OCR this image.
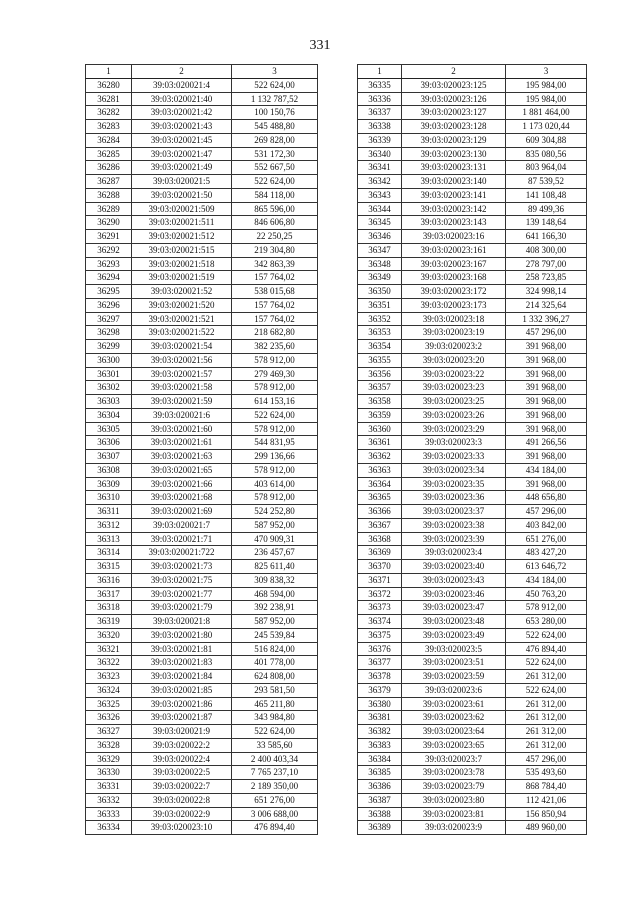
331
1	2	3
36280	39:03:020021:4	522 624,00
36281	39:03:020021:40	1 132 787,52
36282	39:03:020021:42	100 150,76
36283	39:03:020021:43	545 488,80
36284	39:03:020021:45	269 828,00
36285	39:03:020021:47	531 172,30
36286	39:03:020021:49	552 667,50
36287	39:03:020021:5	522 624,00
36288	39:03:020021:50	584 118,00
36289	39:03:020021:509	865 596,00
36290	39:03:020021:511	846 606,80
36291	39:03:020021:512	22 250,25
36292	39:03:020021:515	219 304,80
36293	39:03:020021:518	342 863,39
36294	39:03:020021:519	157 764,02
36295	39:03:020021:52	538 015,68
36296	39:03:020021:520	157 764,02
36297	39:03:020021:521	157 764,02
36298	39:03:020021:522	218 682,80
36299	39:03:020021:54	382 235,60
36300	39:03:020021:56	578 912,00
36301	39:03:020021:57	279 469,30
36302	39:03:020021:58	578 912,00
36303	39:03:020021:59	614 153,16
36304	39:03:020021:6	522 624,00
36305	39:03:020021:60	578 912,00
36306	39:03:020021:61	544 831,95
36307	39:03:020021:63	299 136,66
36308	39:03:020021:65	578 912,00
36309	39:03:020021:66	403 614,00
36310	39:03:020021:68	578 912,00
36311	39:03:020021:69	524 252,80
36312	39:03:020021:7	587 952,00
36313	39:03:020021:71	470 909,31
36314	39:03:020021:722	236 457,67
36315	39:03:020021:73	825 611,40
36316	39:03:020021:75	309 838,32
36317	39:03:020021:77	468 594,00
36318	39:03:020021:79	392 238,91
36319	39:03:020021:8	587 952,00
36320	39:03:020021:80	245 539,84
36321	39:03:020021:81	516 824,00
36322	39:03:020021:83	401 778,00
36323	39:03:020021:84	624 808,00
36324	39:03:020021:85	293 581,50
36325	39:03:020021:86	465 211,80
36326	39:03:020021:87	343 984,80
36327	39:03:020021:9	522 624,00
36328	39:03:020022:2	33 585,60
36329	39:03:020022:4	2 400 403,34
36330	39:03:020022:5	7 765 237,10
36331	39:03:020022:7	2 189 350,00
36332	39:03:020022:8	651 276,00
36333	39:03:020022:9	3 006 688,00
36334	39:03:020023:10	476 894,40
1	2	3
36335	39:03:020023:125	195 984,00
36336	39:03:020023:126	195 984,00
36337	39:03:020023:127	1 881 464,00
36338	39:03:020023:128	1 173 020,44
36339	39:03:020023:129	609 304,88
36340	39:03:020023:130	835 080,56
36341	39:03:020023:131	803 964,04
36342	39:03:020023:140	87 539,52
36343	39:03:020023:141	141 108,48
36344	39:03:020023:142	89 499,36
36345	39:03:020023:143	139 148,64
36346	39:03:020023:16	641 166,30
36347	39:03:020023:161	408 300,00
36348	39:03:020023:167	278 797,00
36349	39:03:020023:168	258 723,85
36350	39:03:020023:172	324 998,14
36351	39:03:020023:173	214 325,64
36352	39:03:020023:18	1 332 396,27
36353	39:03:020023:19	457 296,00
36354	39:03:020023:2	391 968,00
36355	39:03:020023:20	391 968,00
36356	39:03:020023:22	391 968,00
36357	39:03:020023:23	391 968,00
36358	39:03:020023:25	391 968,00
36359	39:03:020023:26	391 968,00
36360	39:03:020023:29	391 968,00
36361	39:03:020023:3	491 266,56
36362	39:03:020023:33	391 968,00
36363	39:03:020023:34	434 184,00
36364	39:03:020023:35	391 968,00
36365	39:03:020023:36	448 656,80
36366	39:03:020023:37	457 296,00
36367	39:03:020023:38	403 842,00
36368	39:03:020023:39	651 276,00
36369	39:03:020023:4	483 427,20
36370	39:03:020023:40	613 646,72
36371	39:03:020023:43	434 184,00
36372	39:03:020023:46	450 763,20
36373	39:03:020023:47	578 912,00
36374	39:03:020023:48	653 280,00
36375	39:03:020023:49	522 624,00
36376	39:03:020023:5	476 894,40
36377	39:03:020023:51	522 624,00
36378	39:03:020023:59	261 312,00
36379	39:03:020023:6	522 624,00
36380	39:03:020023:61	261 312,00
36381	39:03:020023:62	261 312,00
36382	39:03:020023:64	261 312,00
36383	39:03:020023:65	261 312,00
36384	39:03:020023:7	457 296,00
36385	39:03:020023:78	535 493,60
36386	39:03:020023:79	868 784,40
36387	39:03:020023:80	112 421,06
36388	39:03:020023:81	156 850,94
36389	39:03:020023:9	489 960,00
